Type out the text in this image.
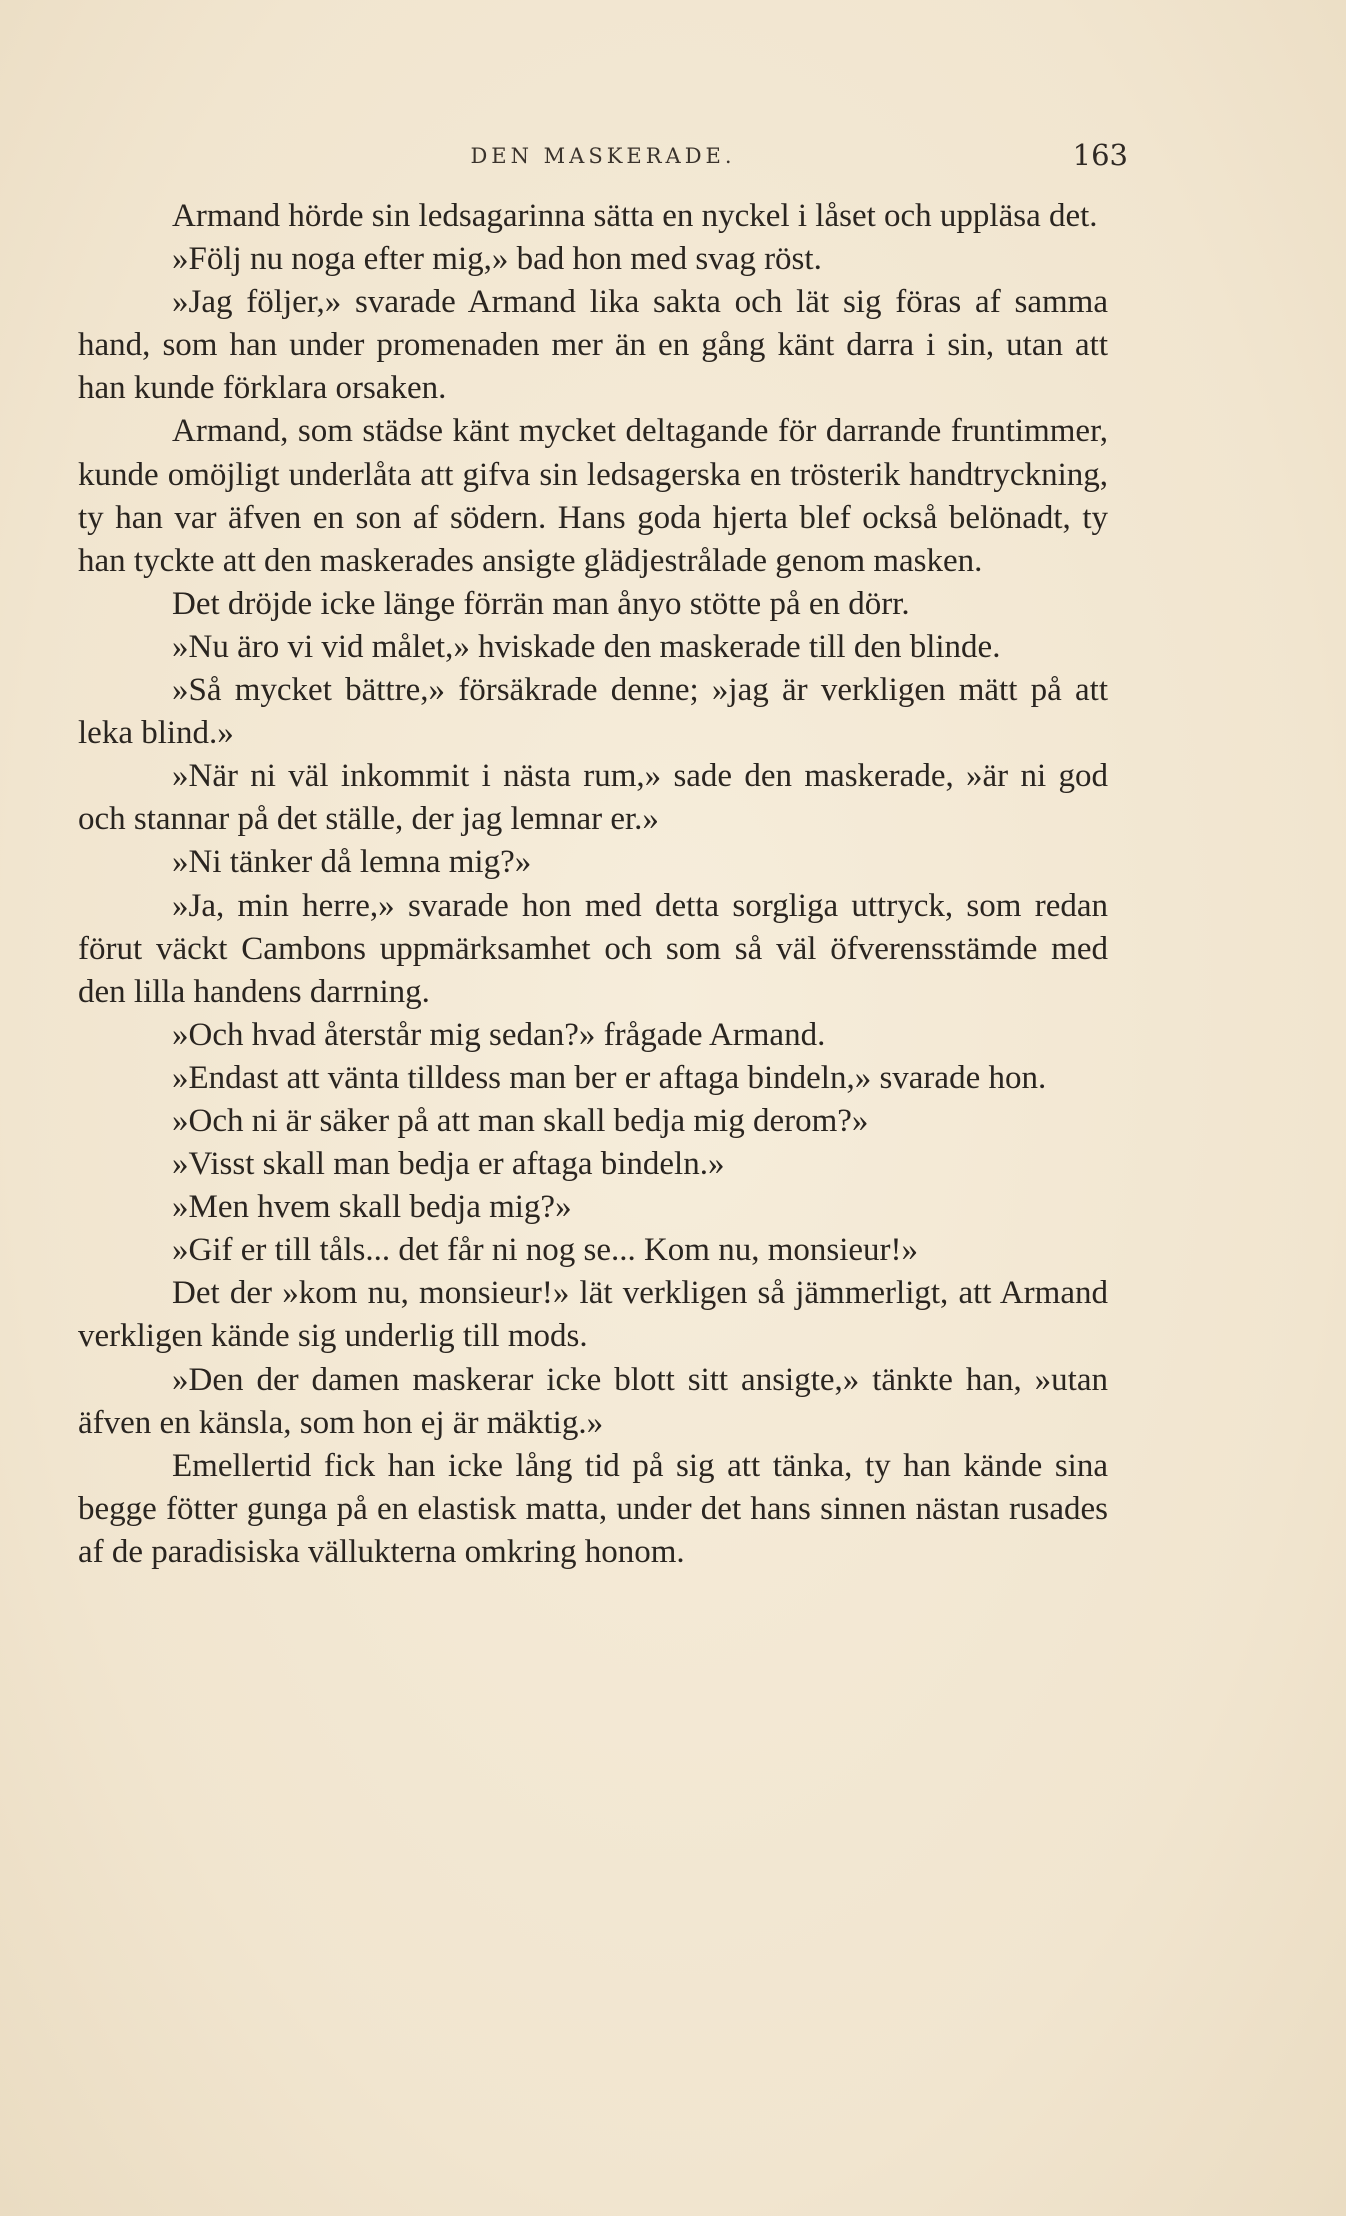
DEN MASKERADE.	163

Armand hörde sin ledsagarinna sätta en nyckel i låset och uppläsa det.

»Följ nu noga efter mig,» bad hon med svag röst.

»Jag följer,» svarade Armand lika sakta och lät sig föras af samma hand, som han under promenaden mer än en gång känt darra i sin, utan att han kunde förklara orsaken.

Armand, som städse känt mycket deltagande för darrande fruntimmer, kunde omöjligt underlåta att gifva sin ledsagerska en trösterik handtryckning, ty han var äfven en son af södern. Hans goda hjerta blef också belönadt, ty han tyckte att den maskerades ansigte glädjestrålade genom masken.

Det dröjde icke länge förrän man ånyo stötte på en dörr.

»Nu äro vi vid målet,» hviskade den maskerade till den blinde.

»Så mycket bättre,» försäkrade denne; »jag är verkligen mätt på att leka blind.»

»När ni väl inkommit i nästa rum,» sade den maskerade, »är ni god och stannar på det ställe, der jag lemnar er.»

»Ni tänker då lemna mig?»

»Ja, min herre,» svarade hon med detta sorgliga uttryck, som redan förut väckt Cambons uppmärksamhet och som så väl öfverensstämde med den lilla handens darrning.

»Och hvad återstår mig sedan?» frågade Armand.

»Endast att vänta tilldess man ber er aftaga bindeln,» svarade hon.

»Och ni är säker på att man skall bedja mig derom?»

»Visst skall man bedja er aftaga bindeln.»

»Men hvem skall bedja mig?»

»Gif er till tåls... det får ni nog se... Kom nu, monsieur!»

Det der »kom nu, monsieur!» lät verkligen så jämmerligt, att Armand verkligen kände sig underlig till mods.

»Den der damen maskerar icke blott sitt ansigte,» tänkte han, »utan äfven en känsla, som hon ej är mäktig.»

Emellertid fick han icke lång tid på sig att tänka, ty han kände sina begge fötter gunga på en elastisk matta, under det hans sinnen nästan rusades af de paradisiska vällukterna omkring honom.
